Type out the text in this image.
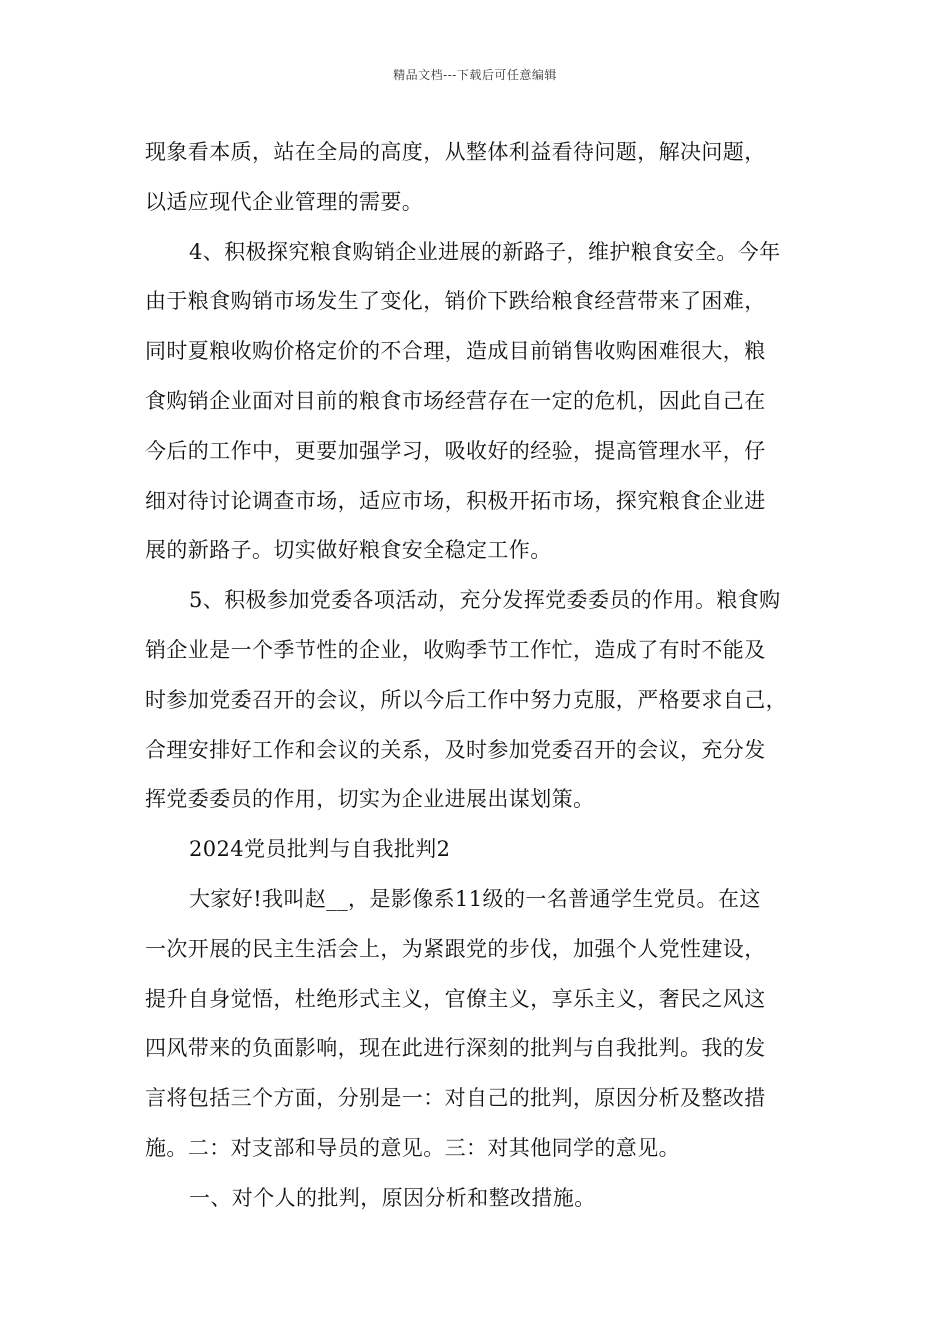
精品文档---下载后可任意编辑
现象看本质，站在全局的高度，从整体利益看待问题，解决问题，
以适应现代企业管理的需要。
4、积极探究粮食购销企业进展的新路子，维护粮食安全。今年
由于粮食购销市场发生了变化，销价下跌给粮食经营带来了困难，
同时夏粮收购价格定价的不合理，造成目前销售收购困难很大，粮
食购销企业面对目前的粮食市场经营存在一定的危机，因此自己在
今后的工作中，更要加强学习，吸收好的经验，提高管理水平，仔
细对待讨论调查市场，适应市场，积极开拓市场，探究粮食企业进
展的新路子。切实做好粮食安全稳定工作。
5、积极参加党委各项活动，充分发挥党委委员的作用。粮食购
销企业是一个季节性的企业，收购季节工作忙，造成了有时不能及
时参加党委召开的会议，所以今后工作中努力克服，严格要求自己，
合理安排好工作和会议的关系，及时参加党委召开的会议，充分发
挥党委委员的作用，切实为企业进展出谋划策。
2024党员批判与自我批判2
大家好!我叫赵__，是影像系11级的一名普通学生党员。在这
一次开展的民主生活会上，为紧跟党的步伐，加强个人党性建设，
提升自身觉悟，杜绝形式主义，官僚主义，享乐主义，奢民之风这
四风带来的负面影响，现在此进行深刻的批判与自我批判。我的发
言将包括三个方面，分别是一：对自己的批判，原因分析及整改措
施。二：对支部和导员的意见。三：对其他同学的意见。
一、对个人的批判，原因分析和整改措施。
